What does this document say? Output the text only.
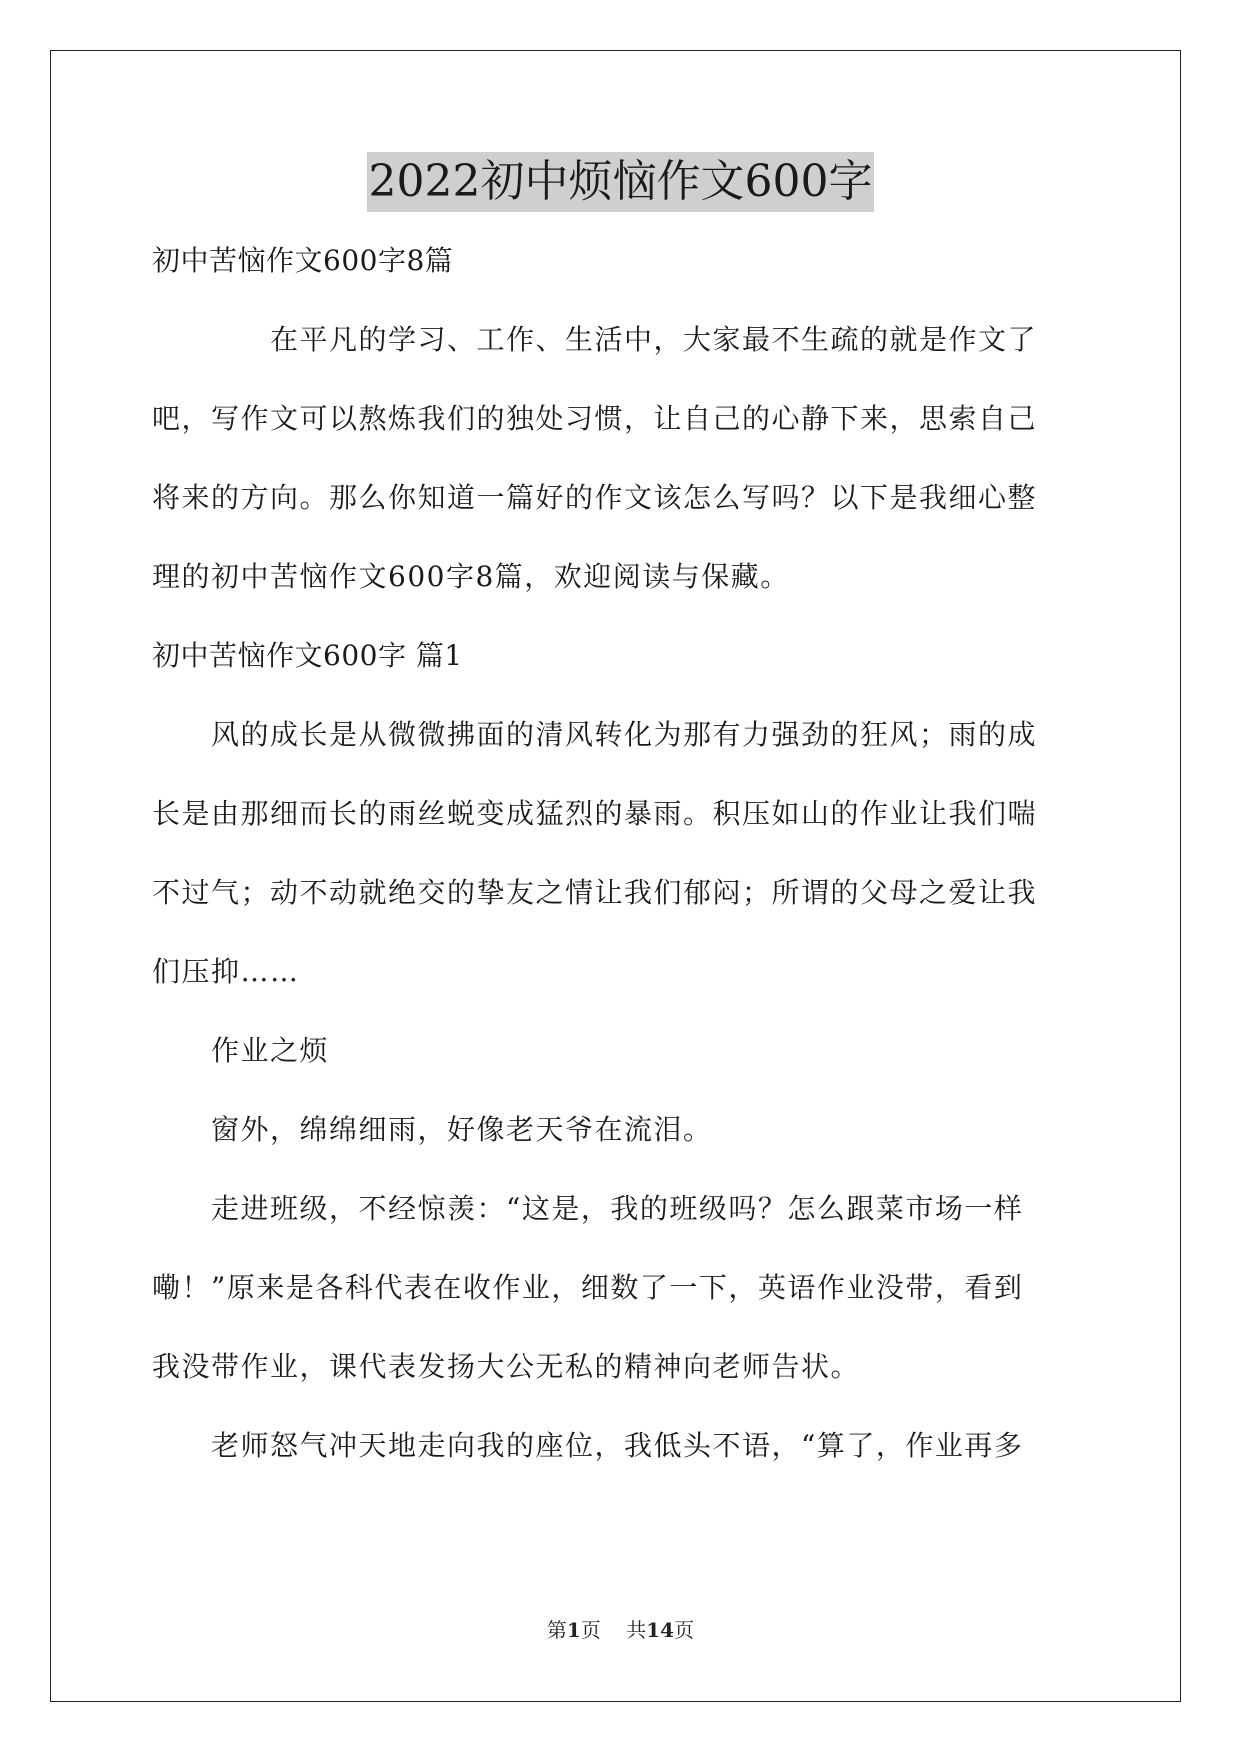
2022初中烦恼作文600字

初中苦恼作文600字8篇

　　　　在平凡的学习、工作、生活中，大家最不生疏的就是作文了

吧，写作文可以熬炼我们的独处习惯，让自己的心静下来，思索自己

将来的方向。那么你知道一篇好的作文该怎么写吗？以下是我细心整

理的初中苦恼作文600字8篇，欢迎阅读与保藏。

初中苦恼作文600字 篇1

　　风的成长是从微微拂面的清风转化为那有力强劲的狂风；雨的成

长是由那细而长的雨丝蜕变成猛烈的暴雨。积压如山的作业让我们喘

不过气；动不动就绝交的挚友之情让我们郁闷；所谓的父母之爱让我

们压抑……

　　作业之烦

　　窗外，绵绵细雨，好像老天爷在流泪。

　　走进班级，不经惊羡：“这是，我的班级吗？怎么跟菜市场一样

嘞！”原来是各科代表在收作业，细数了一下，英语作业没带，看到

我没带作业，课代表发扬大公无私的精神向老师告状。

　　老师怒气冲天地走向我的座位，我低头不语，“算了，作业再多

第1页 共14页
